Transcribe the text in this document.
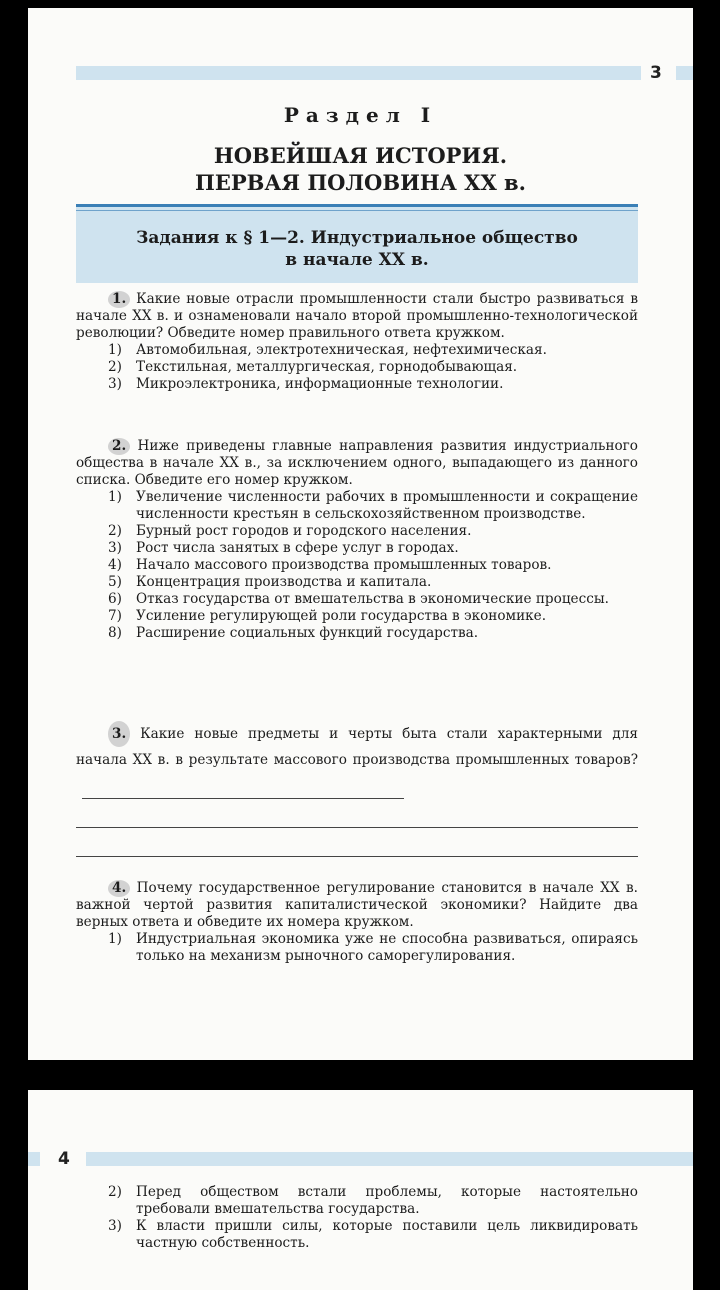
3
Раздел I
НОВЕЙШАЯ ИСТОРИЯ.
ПЕРВАЯ ПОЛОВИНА XX в.
Задания к § 1—2. Индустриальное общество
в начале XX в.

1. Какие новые отрасли промышленности стали быстро развиваться в начале XX в. и ознаменовали начало второй промышленно-технологической революции? Обведите номер правильного ответа кружком.

1) Автомобильная, электротехническая, нефтехимическая.
2) Текстильная, металлургическая, горнодобывающая.
3) Микроэлектроника, информационные технологии.

2. Ниже приведены главные направления развития индустриального общества в начале XX в., за исключением одного, выпадающего из данного списка. Обведите его номер кружком.

1) Увеличение численности рабочих в промышленности и сокращение численности крестьян в сельскохозяйственном производстве.
2) Бурный рост городов и городского населения.
3) Рост числа занятых в сфере услуг в городах.
4) Начало массового производства промышленных товаров.
5) Концентрация производства и капитала.
6) Отказ государства от вмешательства в экономические процессы.
7) Усиление регулирующей роли государства в экономике.
8) Расширение социальных функций государства.

3. Какие новые предметы и черты быта стали характерными для начала XX в. в результате массового производства промышленных товаров?

4. Почему государственное регулирование становится в начале XX в. важной чертой развития капиталистической экономики? Найдите два верных ответа и обведите их номера кружком.

1) Индустриальная экономика уже не способна развиваться, опираясь только на механизм рыночного саморегулирования.
4
2) Перед обществом встали проблемы, которые настоятельно требовали вмешательства государства.
3) К власти пришли силы, которые поставили цель ликвидировать частную собственность.
